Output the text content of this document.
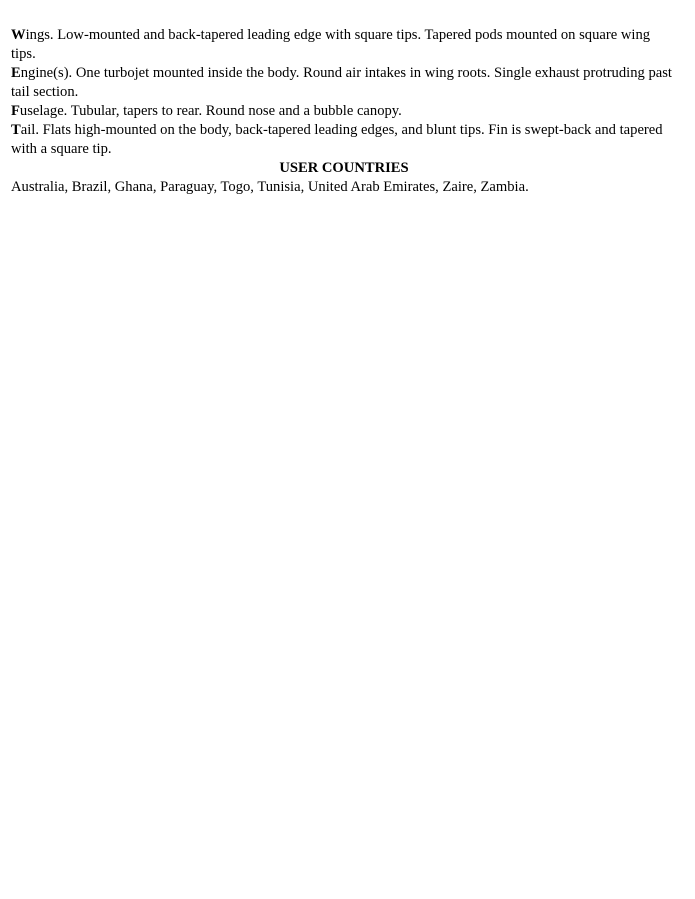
Wings. Low-mounted and back-tapered leading edge with square tips. Tapered pods mounted on square wing tips.

Engine(s). One turbojet mounted inside the body. Round air intakes in wing roots. Single exhaust protruding past tail section.

Fuselage. Tubular, tapers to rear. Round nose and a bubble canopy.

Tail. Flats high-mounted on the body, back-tapered leading edges, and blunt tips. Fin is swept-back and tapered with a square tip.

USER COUNTRIES

Australia, Brazil, Ghana, Paraguay, Togo, Tunisia, United Arab Emirates, Zaire, Zambia.
